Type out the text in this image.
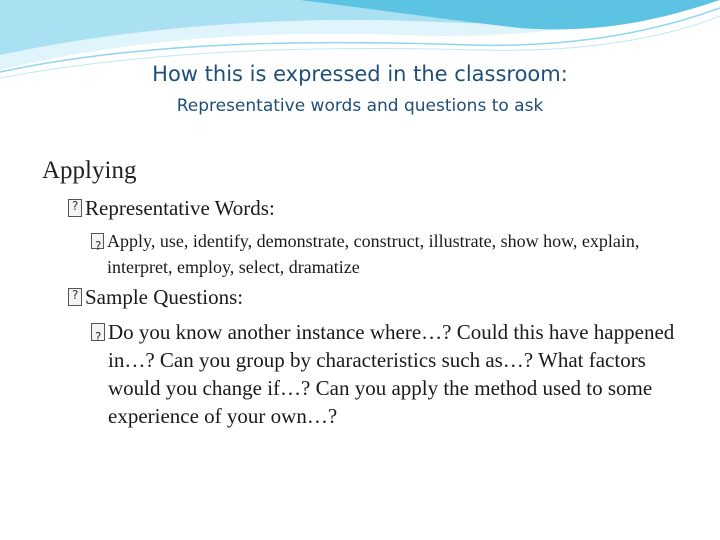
How this is expressed in the classroom:
Representative words and questions to ask
Applying
?
Representative Words:
?
Apply, use, identify, demonstrate, construct, illustrate, show how, explain, interpret, employ, select, dramatize
?
Sample Questions:
?
Do you know another instance where…? Could this have happened in…? Can you group by characteristics such as…? What factors would you change if…? Can you apply the method used to some experience of your own…?
